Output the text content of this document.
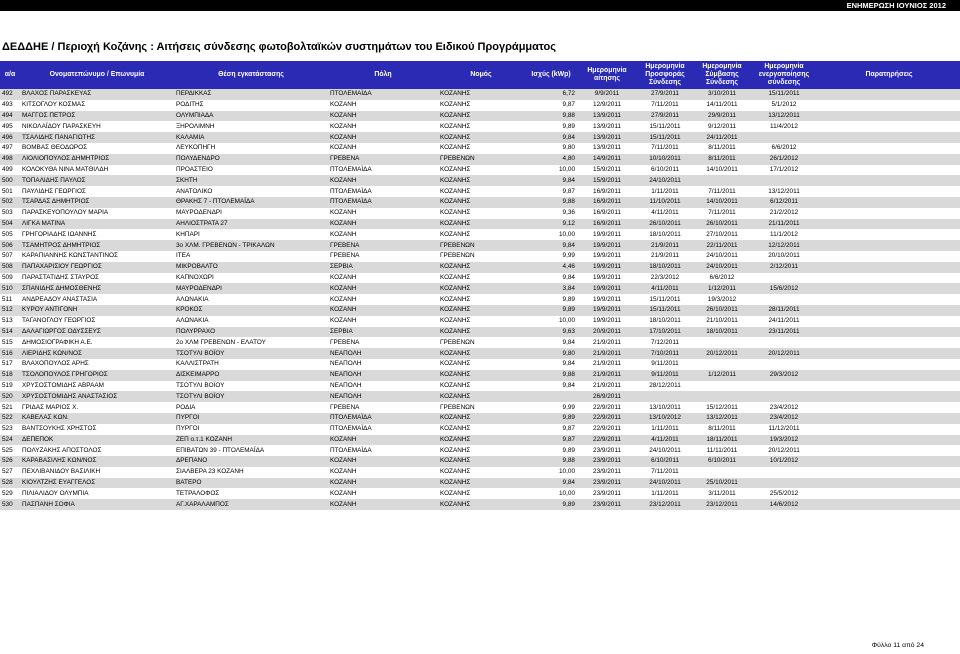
ΕΝΗΜΕΡΩΣΗ ΙΟΥΝΙΟΣ 2012
ΔΕΔΔΗΕ / Περιοχή Κοζάνης : Αιτήσεις σύνδεσης φωτοβολταϊκών συστημάτων του Ειδικού Προγράμματος
α/α	Ονοματεπώνυμο / Επωνυμία	Θέση εγκατάστασης	Πόλη	Νομός	Ισχύς (kWp)	Ημερομηνία αίτησης	Ημερομηνία Προσφοράς Σύνδεσης	Ημερομηνία Σύμβασης Σύνδεσης	Ημερομηνία ενεργοποίησης σύνδεσης	Παρατηρήσεις
492	ΒΛΑΧΟΣ ΠΑΡΑΣΚΕΥΑΣ	ΠΕΡΔΙΚΚΑΣ	ΠΤΟΛΕΜΑΪΔΑ	ΚΟΖΑΝΗΣ	6,72	9/9/2011	27/9/2011	3/10/2011	15/11/2011	
493	ΚΙΤΣΟΓΛΟΥ ΚΟΣΜΑΣ	ΡΟΔΙΤΗΣ	ΚΟΖΑΝΗ	ΚΟΖΑΝΗΣ	9,87	12/9/2011	7/11/2011	14/11/2011	5/1/2012	
494	ΜΑΓΓΟΣ ΠΕΤΡΟΣ	ΟΛΥΜΠΙΑΔΑ	ΚΟΖΑΝΗ	ΚΟΖΑΝΗΣ	9,88	13/9/2011	27/9/2011	29/9/2011	13/12/2011	
495	ΝΙΚΟΛΑΪΔΟΥ ΠΑΡΑΣΚΕΥΗ	ΞΗΡΟΛΙΜΝΗ	ΚΟΖΑΝΗ	ΚΟΖΑΝΗΣ	9,89	13/9/2011	15/11/2011	9/12/2011	11/4/2012	
496	ΤΣΑΛΙΔΗΣ ΠΑΝΑΓΙΩΤΗΣ	ΚΑΛΑΜΙΑ	ΚΟΖΑΝΗ	ΚΟΖΑΝΗΣ	9,84	13/9/2011	15/11/2011	24/11/2011		
497	ΒΟΜΒΑΣ ΘΕΟΔΩΡΟΣ	ΛΕΥΚΟΠΗΓΗ	ΚΟΖΑΝΗ	ΚΟΖΑΝΗΣ	9,80	13/9/2011	7/11/2011	8/11/2011	6/6/2012	
498	ΛΙΟΛΙΟΠΟΥΛΟΣ ΔΗΜΗΤΡΙΟΣ	ΠΟΛΥΔΕΝΔΡΟ	ΓΡΕΒΕΝΑ	ΓΡΕΒΕΝΩΝ	4,80	14/9/2011	10/10/2011	8/11/2011	26/1/2012	
499	ΚΟΛΟΚΥΘΑ ΝΙΝΑ ΜΑΤΘΙΛΔΗ	ΠΡΟΑΣΤΕΙΟ	ΠΤΟΛΕΜΑΪΔΑ	ΚΟΖΑΝΗΣ	10,00	15/9/2011	6/10/2011	14/10/2011	17/1/2012	
500	ΤΟΠΑΛΙΔΗΣ ΠΑΥΛΟΣ	ΣΚΗΤΗ	ΚΟΖΑΝΗ	ΚΟΖΑΝΗΣ	9,84	15/9/2011	24/10/2011			
501	ΠΑΥΛΙΔΗΣ ΓΕΩΡΓΙΟΣ	ΑΝΑΤΟΛΙΚΟ	ΠΤΟΛΕΜΑΪΔΑ	ΚΟΖΑΝΗΣ	9,87	16/9/2011	1/11/2011	7/11/2011	13/12/2011	
502	ΤΣΑΡΔΑΣ ΔΗΜΗΤΡΙΟΣ	ΘΡΑΚΗΣ 7 - ΠΤΟΛΕΜΑΪΔΑ	ΠΤΟΛΕΜΑΪΔΑ	ΚΟΖΑΝΗΣ	9,88	16/9/2011	11/10/2011	14/10/2011	6/12/2011	
503	ΠΑΡΑΣΚΕΥΟΠΟΥΛΟΥ ΜΑΡΙΑ	ΜΑΥΡΟΔΕΝΔΡΙ	ΚΟΖΑΝΗ	ΚΟΖΑΝΗΣ	9,36	16/9/2011	4/11/2011	7/11/2011	21/2/2012	
504	ΛΙΓΚΑ ΜΑΤΙΝΑ	ΑΗΛΙΟΣΤΡΑΤΑ 27	ΚΟΖΑΝΗ	ΚΟΖΑΝΗΣ	9,12	16/9/2011	26/10/2011	26/10/2011	21/11/2011	
505	ΓΡΗΓΟΡΙΑΔΗΣ ΙΩΑΝΝΗΣ	ΚΗΠΑΡΙ	ΚΟΖΑΝΗ	ΚΟΖΑΝΗΣ	10,00	19/9/2011	18/10/2011	27/10/2011	11/1/2012	
506	ΤΣΑΜΗΤΡΟΣ ΔΗΜΗΤΡΙΟΣ	3ο ΧΛΜ. ΓΡΕΒΕΝΩΝ - ΤΡΙΚΑΛΩΝ	ΓΡΕΒΕΝΑ	ΓΡΕΒΕΝΩΝ	9,84	19/9/2011	21/9/2011	22/11/2011	12/12/2011	
507	ΚΑΡΑΠΙΑΝΝΗΣ ΚΩΝΣΤΑΝΤΙΝΟΣ	ΙΤΕΑ	ΓΡΕΒΕΝΑ	ΓΡΕΒΕΝΩΝ	9,99	19/9/2011	21/9/2011	24/10/2011	20/10/2011	
508	ΠΑΠΑΧΑΡΙΣΙΟΥ ΓΕΩΡΓΙΟΣ	ΜΙΚΡΟΒΑΛΤΟ	ΣΕΡΒΙΑ	ΚΟΖΑΝΗΣ	4,46	19/9/2011	18/10/2011	24/10/2011	2/12/2011	
509	ΠΑΡΑΣΤΑΤΙΔΗΣ ΣΤΑΥΡΟΣ	ΚΑΠΝΟΧΩΡΙ	ΚΟΖΑΝΗ	ΚΟΖΑΝΗΣ	9,84	19/9/2011	22/3/2012	6/6/2012		
510	ΣΠΑΝΙΔΗΣ ΔΗΜΟΣΘΕΝΗΣ	ΜΑΥΡΟΔΕΝΔΡΙ	ΚΟΖΑΝΗ	ΚΟΖΑΝΗΣ	3,84	19/9/2011	4/11/2011	1/12/2011	15/6/2012	
511	ΑΝΔΡΕΑΔΟΥ ΑΝΑΣΤΑΣΙΑ	ΑΛΩΝΑΚΙΑ	ΚΟΖΑΝΗ	ΚΟΖΑΝΗΣ	9,89	19/9/2011	15/11/2011	19/3/2012		
512	ΚΥΡΟΥ ΑΝΤΙΓΟΝΗ	ΚΡΟΚΟΣ	ΚΟΖΑΝΗ	ΚΟΖΑΝΗΣ	9,89	19/9/2011	15/11/2011	26/10/2011	28/11/2011	
513	ΤΑΓΑΝΟΓΛΟΥ ΓΕΩΡΓΙΟΣ	ΑΛΩΝΑΚΙΑ	ΚΟΖΑΝΗ	ΚΟΖΑΝΗΣ	10,00	19/9/2011	18/10/2011	21/10/2011	24/11/2011	
514	ΔΑΛΑΓΙΩΡΓΟΣ ΟΔΥΣΣΕΥΣ	ΠΟΛΥΡΡΑΧΟ	ΣΕΡΒΙΑ	ΚΟΖΑΝΗΣ	9,63	20/9/2011	17/10/2011	18/10/2011	23/11/2011	
515	ΔΗΜΟΣΙΟΓΡΑΦΙΚΗ Α.Ε.	2ο ΧΛΜ ΓΡΕΒΕΝΩΝ - ΕΛΑΤΟΥ	ΓΡΕΒΕΝΑ	ΓΡΕΒΕΝΩΝ	9,84	21/9/2011	7/12/2011			
516	ΛΙΕΡΙΔΗΣ ΚΩΝ/ΝΟΣ	ΤΣΟΤΥΛΙ ΒΟΪΟΥ	ΝΕΑΠΟΛΗ	ΚΟΖΑΝΗΣ	9,80	21/9/2011	7/10/2011	20/12/2011	20/12/2011	
517	ΒΛΑΧΟΠΟΥΛΟΣ ΑΡΗΣ	ΚΑΛΛΙΣΤΡΑΤΗ	ΝΕΑΠΟΛΗ	ΚΟΖΑΝΗΣ	9,84	21/9/2011	9/11/2011			
518	ΤΣΟΛΟΠΟΥΛΟΣ ΓΡΗΓΟΡΙΟΣ	ΔΙΣΚΕΙΜΑΡΡΟ	ΝΕΑΠΟΛΗ	ΚΟΖΑΝΗΣ	9,88	21/9/2011	9/11/2011	1/12/2011	29/3/2012	
519	ΧΡΥΣΟΣΤΟΜΙΔΗΣ ΑΒΡΑΑΜ	ΤΣΟΤΥΛΙ ΒΟΪΟΥ	ΝΕΑΠΟΛΗ	ΚΟΖΑΝΗΣ	9,84	21/9/2011	28/12/2011			
520	ΧΡΥΣΟΣΤΟΜΙΔΗΣ ΑΝΑΣΤΑΣΙΟΣ	ΤΣΟΤΥΛΙ ΒΟΪΟΥ	ΝΕΑΠΟΛΗ	ΚΟΖΑΝΗΣ		26/9/2011				
521	ΓΡΙΔΑΣ ΜΑΡΙΟΣ Χ.	ΡΟΔΙΑ	ΓΡΕΒΕΝΑ	ΓΡΕΒΕΝΩΝ	9,99	22/9/2011	13/10/2011	15/12/2011	23/4/2012	
522	ΚΑΒΕΛΑΣ ΚΩΝ.	ΠΥΡΓΟΙ	ΠΤΟΛΕΜΑΪΔΑ	ΚΟΖΑΝΗΣ	9,89	22/9/2011	13/10/2012	13/12/2011	23/4/2012	
523	ΒΑΝΤΣΟΥΚΗΣ ΧΡΗΣΤΟΣ	ΠΥΡΓΟΙ	ΠΤΟΛΕΜΑΪΔΑ	ΚΟΖΑΝΗΣ	9,87	22/9/2011	1/11/2011	8/11/2011	11/12/2011	
524	ΔΕΠΕΠΟΚ	ΖΕΠ ο.τ.1 ΚΟΖΑΝΗ	ΚΟΖΑΝΗ	ΚΟΖΑΝΗΣ	9,87	22/9/2011	4/11/2011	18/11/2011	19/3/2012	
525	ΠΟΛΥΖΑΚΗΣ ΑΠΟΣΤΟΛΟΣ	ΕΠΙΒΑΤΩΝ 39 - ΠΤΟΛΕΜΑΪΔΑ	ΠΤΟΛΕΜΑΪΔΑ	ΚΟΖΑΝΗΣ	9,89	23/9/2011	24/10/2011	11/11/2011	20/12/2011	
526	ΚΑΡΑΒΑΣΙΛΗΣ ΚΩΝ/ΝΟΣ	ΔΡΕΠΑΝΟ	ΚΟΖΑΝΗ	ΚΟΖΑΝΗΣ	9,88	23/9/2011	6/10/2011	6/10/2011	10/1/2012	
527	ΠΕΧΛΙΒΑΝΙΔΟΥ ΒΑΣΙΛΙΚΗ	ΣΙΑΛΒΕΡΑ 23 ΚΟΖΑΝΗ	ΚΟΖΑΝΗ	ΚΟΖΑΝΗΣ	10,00	23/9/2011	7/11/2011			
528	ΚΙΟΥΛΤΖΗΣ ΕΥΑΓΓΕΛΟΣ	ΒΑΤΕΡΟ	ΚΟΖΑΝΗ	ΚΟΖΑΝΗΣ	9,84	23/9/2011	24/10/2011	25/10/2011		
529	ΠΙΛΙΑΛΙΔΟΥ ΟΛΥΜΠΙΑ	ΤΕΤΡΑΛΟΦΟΣ	ΚΟΖΑΝΗ	ΚΟΖΑΝΗΣ	10,00	23/9/2011	1/11/2011	3/11/2011	25/5/2012	
530	ΠΑΣΠΑΝΗ ΣΟΦΙΑ	ΑΓ.ΧΑΡΑΛΑΜΠΟΣ	ΚΟΖΑΝΗ	ΚΟΖΑΝΗΣ	9,89	23/9/2011	23/12/2011	23/12/2011	14/6/2012	
Φύλλο 11 από 24
